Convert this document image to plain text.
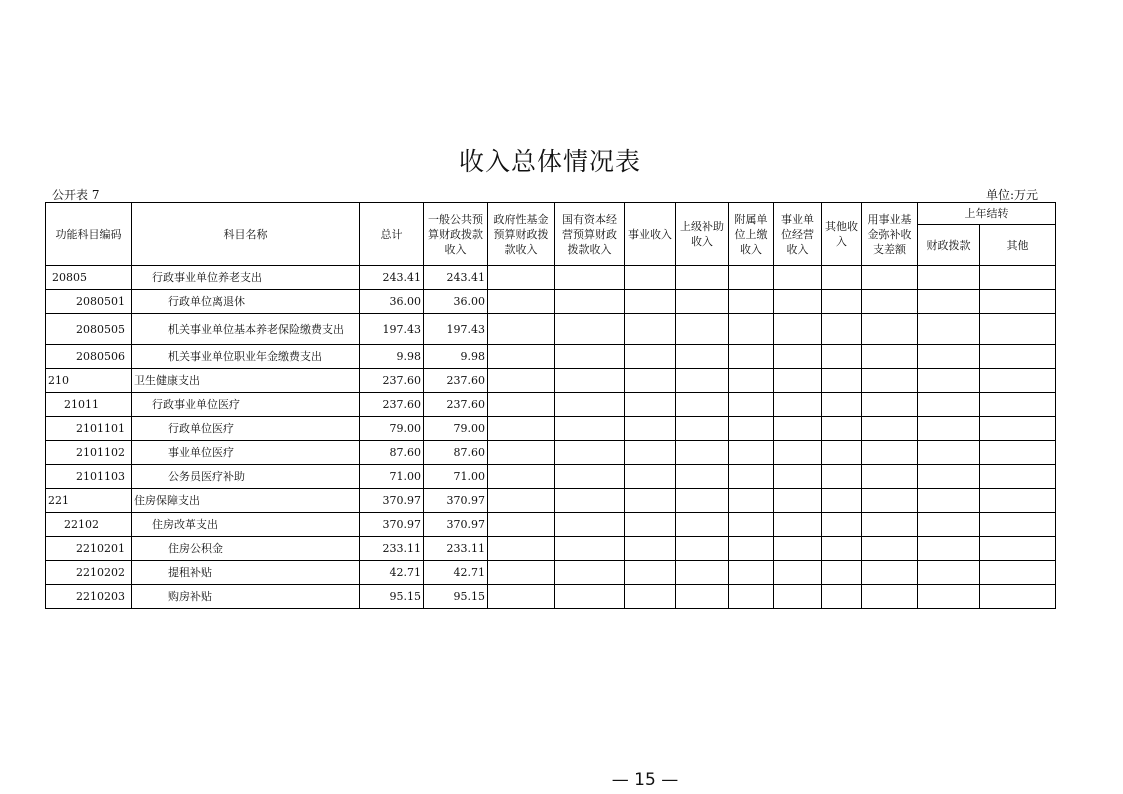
收入总体情况表
公开表 7	单位:万元
功能科目编码	科目名称	总计	一般公共预算财政拨款收入	政府性基金预算财政拨款收入	国有资本经营预算财政拨款收入	事业收入	上级补助收入	附属单位上缴收入	事业单位经营收入	其他收入	用事业基金弥补收支差额	上年结转	
												财政拨款	其他
20805	行政事业单位养老支出	243.41	243.41										
2080501	行政单位离退休	36.00	36.00										
2080505	机关事业单位基本养老保险缴费支出	197.43	197.43										
2080506	机关事业单位职业年金缴费支出	9.98	9.98										
210	卫生健康支出	237.60	237.60										
21011	行政事业单位医疗	237.60	237.60										
2101101	行政单位医疗	79.00	79.00										
2101102	事业单位医疗	87.60	87.60										
2101103	公务员医疗补助	71.00	71.00										
221	住房保障支出	370.97	370.97										
22102	住房改革支出	370.97	370.97										
2210201	住房公积金	233.11	233.11										
2210202	提租补贴	42.71	42.71										
2210203	购房补贴	95.15	95.15										
— 15 —
